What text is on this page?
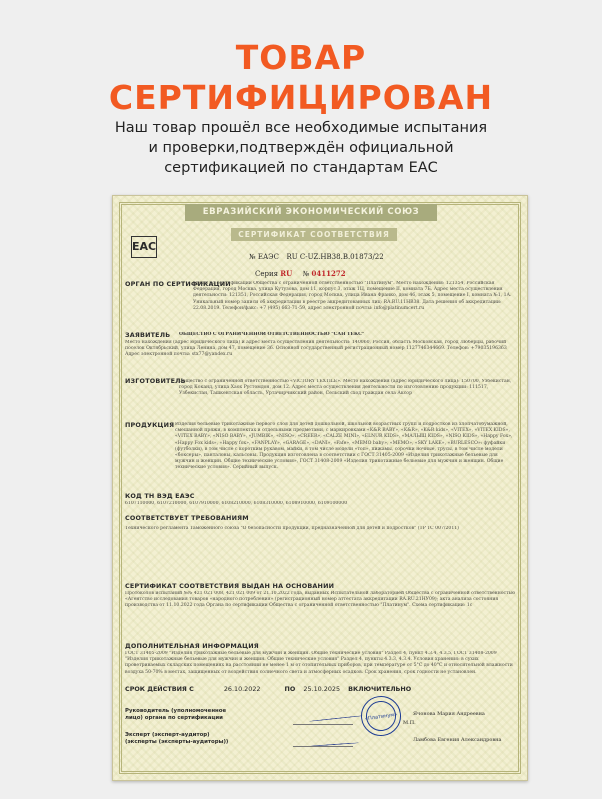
ТОВАР
СЕРТИФИЦИРОВАН
Наш товар прошёл все необходимые испытания
и проверки,подтверждён официальной
сертификацией по стандартам ЕАС
ЕВРАЗИЙСКИЙ ЭКОНОМИЧЕСКИЙ СОЮЗ
СЕРТИФИКАТ СООТВЕТСТВИЯ
EAC
№ ЕАЭС RU C-UZ.HB38.B.01873/22
Серия RU № 0411272
ОРГАН ПО СЕРТИФИКАЦИИ
Орган по сертификации Общества с ограниченной ответственностью "Платинум". Место нахождения: 121354, Российская Федерация, город Москва, улица Кутузова, дом 11, корпус 3, этаж 1Ц, помещение II, комната 7Б. Адрес места осуществления деятельности: 121351, Российская Федерация, город Москва, улица Ивана Франко, дом 46, этаж 5, помещение I, комната №1, 1А. Уникальный номер записи об аккредитации в реестре аккредитованных лиц: RA.RU.11HB38. Дата решения об аккредитации: 22.08.2019. Телефон/факс: +7 (495) 663-71-59, адрес электронной почты: info@platinumcert.ru
ЗАЯВИТЕЛЬ ОБЩЕСТВО С ОГРАНИЧЕННОЙ ОТВЕТСТВЕННОСТЬЮ "САН ТЕКС"
Место нахождения (адрес юридического лица) и адрес места осуществления деятельности: 140060, Россия, область Московская, город Люберцы, рабочий поселок Октябрьский, улица Ленина, дом 47, помещение 36. Основной государственный регистрационный номер 1127746344669. Телефон: +79035196363 Адрес электронной почты: stx77@yandex.ru
ИЗГОТОВИТЕЛЬ
Общество с ограниченной ответственностью «VICTORY TEXTILE». Место нахождения (адрес юридического лица): 150700, Узбекистан, город Коканд, улица Хаох Рустомдон, дом 12. Адрес места осуществления деятельности по изготовлению продукции: 111517, Узбекистан, Ташкентская область, Уртачирчикский район, Сельский сход граждан села Аксор
ПРОДУКЦИЯ Изделия бельевые трикотажные первого слоя для детей дошкольной, школьной возрастных групп и подростков из хлопчатобумажной, смешанной пряжи, в комплектах и отдельными предметами, с маркировками «K&R BABY», «K&R», «K&R kids», «VITEX», «VITEX KIDS», «VITEX BABY», «NISO BABY», «JUMBIK», «NISO», «CREER», «CALZE MINI», «ELNUR KIDS», «МАЛЫШ KIDS», «NISO KIDS», «Happy Fox», «Happy Fox kids», «Happy fox», «FANPLAY», «GARAGE», «DANI», «Fafe», «MEMO baby», «MEMO», «SKY LAKE», «BURLESCO»: фуфайки (футболки), в том числе с коротким рукавом, майки, в том числе модели «топ», пижамы, сорочки ночные, трусы, в том числе модели «боксеры», панталоны, кальсоны. Продукция изготовлена в соответствии с ГОСТ 31405-2009 «Изделия трикотажные бельевые для мужчин и женщин. Общие технические условия», ГОСТ 31408-2009 «Изделия трикотажные бельевые для мужчин и женщин. Общие технические условия». Серийный выпуск.
КОД ТН ВЭД ЕАЭС
6107110000, 6107210000, 6107910000, 6108210000, 6108310000, 6108910000, 6109100000
СООТВЕТСТВУЕТ ТРЕБОВАНИЯМ
Технического регламента Таможенного союза "О безопасности продукции, предназначенной для детей и подростков" (ТР ТС 007/2011)
СЕРТИФИКАТ СООТВЕТСТВИЯ ВЫДАН НА ОСНОВАНИИ
Протоколов испытаний №№ 421 021 008, 421 021 009 от 21.10.2022 года, выданных Испытательной лабораторией Общества с ограниченной ответственностью «Агентство исследования товаров «народного потребления» (регистрационный номер аттестата аккредитации RA.RU.21НУ09); акта анализа состояния производства от 11.10.2022 года Органа по сертификации Общества с ограниченной ответственностью "Платинум". Схема сертификации: 1с
ДОПОЛНИТЕЛЬНАЯ ИНФОРМАЦИЯ
ГОСТ 31405-2009 "Изделия трикотажные бельевые для мужчин и женщин. Общие технические условия" Раздел 4, пункт 4.3.4, 4.3.5, ГОСТ 31408-2009 "Изделия трикотажные бельевые для мужчин и женщин. Общие технические условия" Раздел 4, пункты 4.3.3, 4.3.4. Условия хранения: в сухих проветриваемых складских помещениях на расстоянии не менее 1 м от отопительных приборов, при температуре от 5°С до 40°С и относительной влажности воздуха 50-70% в местах, защищенных от воздействия солнечного света и атмосферных осадков. Срок хранения, срок годности не установлен.
СРОК ДЕЙСТВИЯ С	26.10.2022	ПО 25.10.2025 ВКЛЮЧИТЕЛЬНО
«Платинум»
М.П.
Руководитель (уполномоченное
лицо) органа по сертификации
Ячонова Мария Андреевна
Эксперт (эксперт-аудитор)
(эксперты (эксперты-аудиторы))	Ламбова Евгения Александровна
